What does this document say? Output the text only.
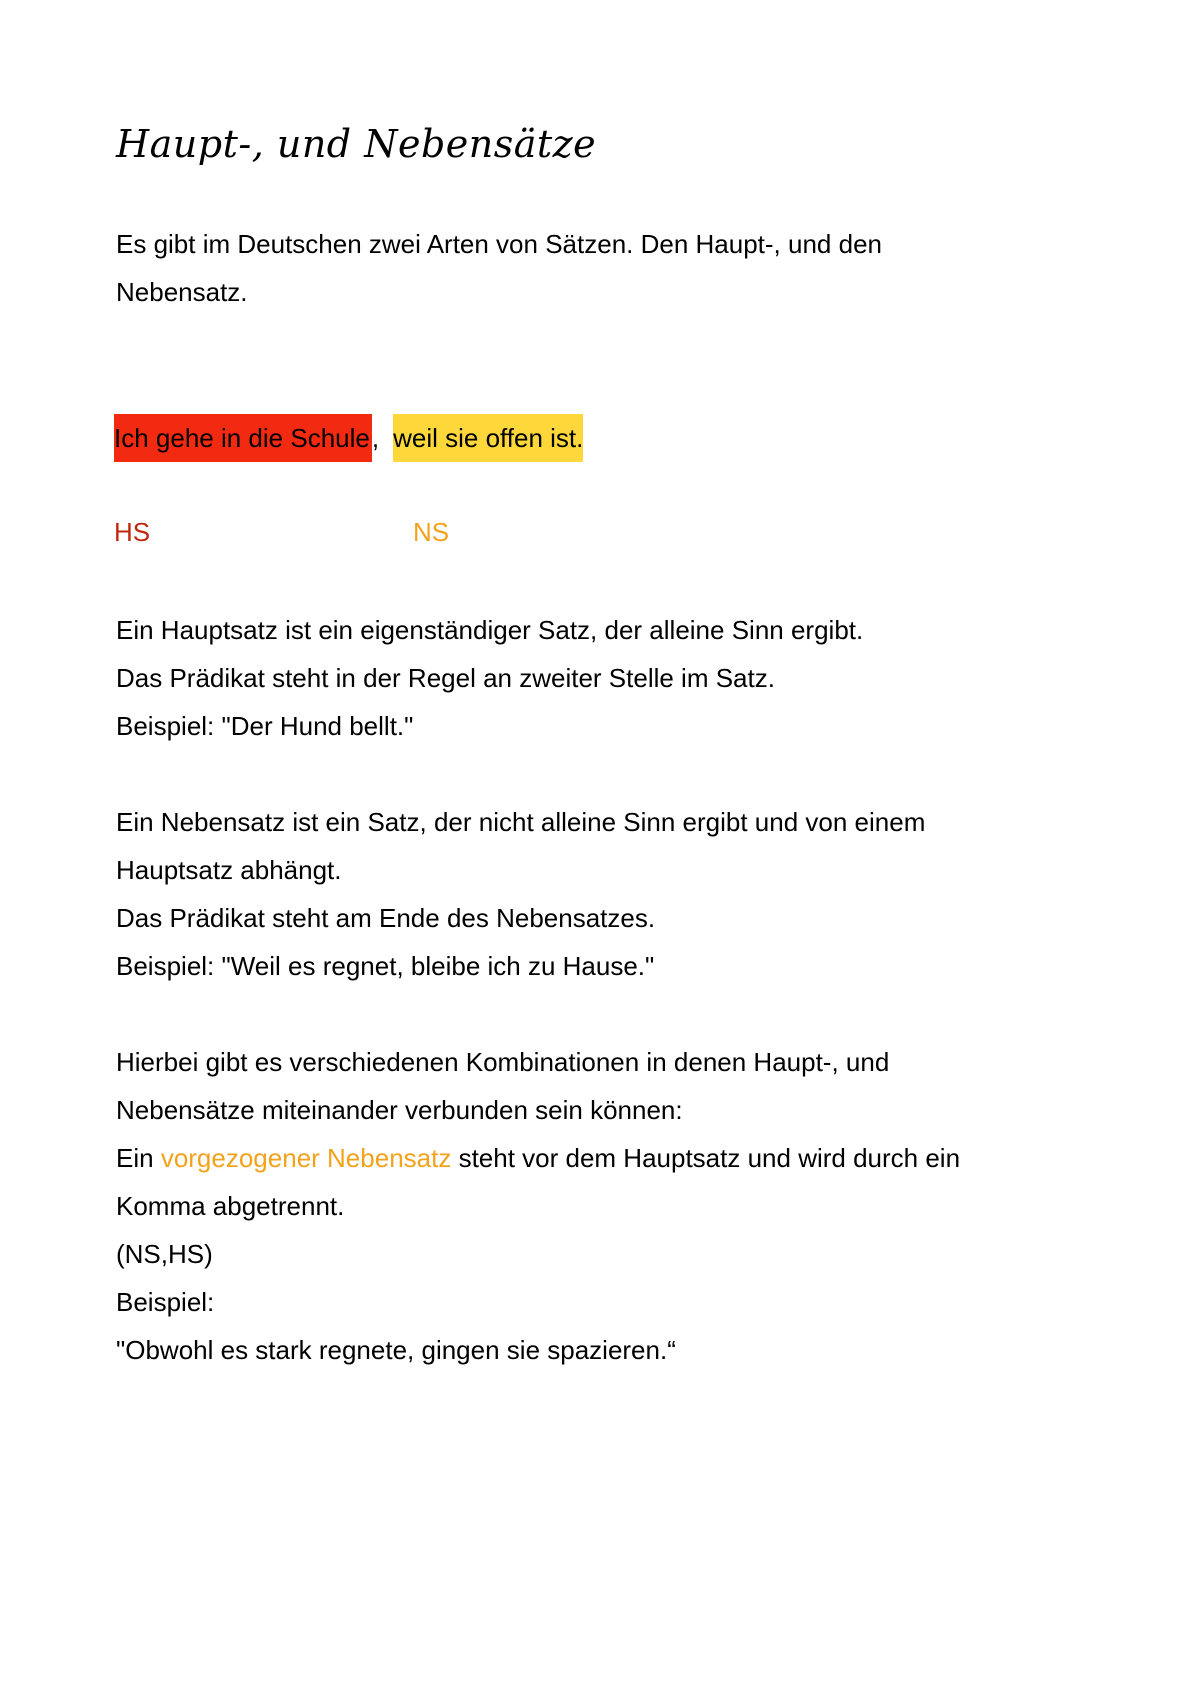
Haupt-, und Nebensätze

Es gibt im Deutschen zwei Arten von Sätzen. Den Haupt-, und den
Nebensatz.

Ich gehe in die Schule, weil sie offen ist.

HS	NS

Ein Hauptsatz ist ein eigenständiger Satz, der alleine Sinn ergibt.
Das Prädikat steht in der Regel an zweiter Stelle im Satz.
Beispiel: "Der Hund bellt."

Ein Nebensatz ist ein Satz, der nicht alleine Sinn ergibt und von einem
Hauptsatz abhängt.
Das Prädikat steht am Ende des Nebensatzes.
Beispiel: "Weil es regnet, bleibe ich zu Hause."

Hierbei gibt es verschiedenen Kombinationen in denen Haupt-, und
Nebensätze miteinander verbunden sein können:
Ein vorgezogener Nebensatz steht vor dem Hauptsatz und wird durch ein
Komma abgetrennt.
(NS,HS)
Beispiel:
"Obwohl es stark regnete, gingen sie spazieren.“
